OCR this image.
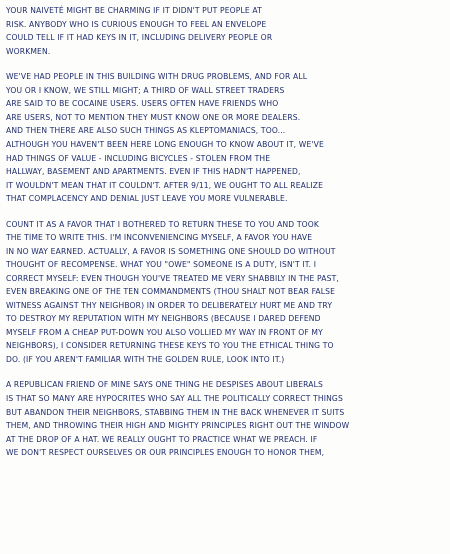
YOUR NAIVETÉ MIGHT BE CHARMING IF IT DIDN'T PUT PEOPLE AT
RISK. ANYBODY WHO IS CURIOUS ENOUGH TO FEEL AN ENVELOPE
COULD TELL IF IT HAD KEYS IN IT, INCLUDING DELIVERY PEOPLE OR
WORKMEN.
WE'VE HAD PEOPLE IN THIS BUILDING WITH DRUG PROBLEMS, AND FOR ALL
YOU OR I KNOW, WE STILL MIGHT; A THIRD OF WALL STREET TRADERS
ARE SAID TO BE COCAINE USERS. USERS OFTEN HAVE FRIENDS WHO
ARE USERS, NOT TO MENTION THEY MUST KNOW ONE OR MORE DEALERS.
AND THEN THERE ARE ALSO SUCH THINGS AS KLEPTOMANIACS, TOO...
ALTHOUGH YOU HAVEN'T BEEN HERE LONG ENOUGH TO KNOW ABOUT IT, WE'VE
HAD THINGS OF VALUE - INCLUDING BICYCLES - STOLEN FROM THE
HALLWAY, BASEMENT AND APARTMENTS. EVEN IF THIS HADN'T HAPPENED,
IT WOULDN'T MEAN THAT IT COULDN'T. AFTER 9/11, WE OUGHT TO ALL REALIZE
THAT COMPLACENCY AND DENIAL JUST LEAVE YOU MORE VULNERABLE.
COUNT IT AS A FAVOR THAT I BOTHERED TO RETURN THESE TO YOU AND TOOK
THE TIME TO WRITE THIS. I'M INCONVENIENCING MYSELF, A FAVOR YOU HAVE
IN NO WAY EARNED. ACTUALLY, A FAVOR IS SOMETHING ONE SHOULD DO WITHOUT
THOUGHT OF RECOMPENSE. WHAT YOU "OWE" SOMEONE IS A DUTY, ISN'T IT. I
CORRECT MYSELF: EVEN THOUGH YOU'VE TREATED ME VERY SHABBILY IN THE PAST,
EVEN BREAKING ONE OF THE TEN COMMANDMENTS (THOU SHALT NOT BEAR FALSE
WITNESS AGAINST THY NEIGHBOR) IN ORDER TO DELIBERATELY HURT ME AND TRY
TO DESTROY MY REPUTATION WITH MY NEIGHBORS (BECAUSE I DARED DEFEND
MYSELF FROM A CHEAP PUT-DOWN YOU ALSO VOLLIED MY WAY IN FRONT OF MY
NEIGHBORS), I CONSIDER RETURNING THESE KEYS TO YOU THE ETHICAL THING TO
DO. (IF YOU AREN'T FAMILIAR WITH THE GOLDEN RULE, LOOK INTO IT.)
A REPUBLICAN FRIEND OF MINE SAYS ONE THING HE DESPISES ABOUT LIBERALS
IS THAT SO MANY ARE HYPOCRITES WHO SAY ALL THE POLITICALLY CORRECT THINGS
BUT ABANDON THEIR NEIGHBORS, STABBING THEM IN THE BACK WHENEVER IT SUITS
THEM, AND THROWING THEIR HIGH AND MIGHTY PRINCIPLES RIGHT OUT THE WINDOW
AT THE DROP OF A HAT. WE REALLY OUGHT TO PRACTICE WHAT WE PREACH. IF
WE DON'T RESPECT OURSELVES OR OUR PRINCIPLES ENOUGH TO HONOR THEM,
